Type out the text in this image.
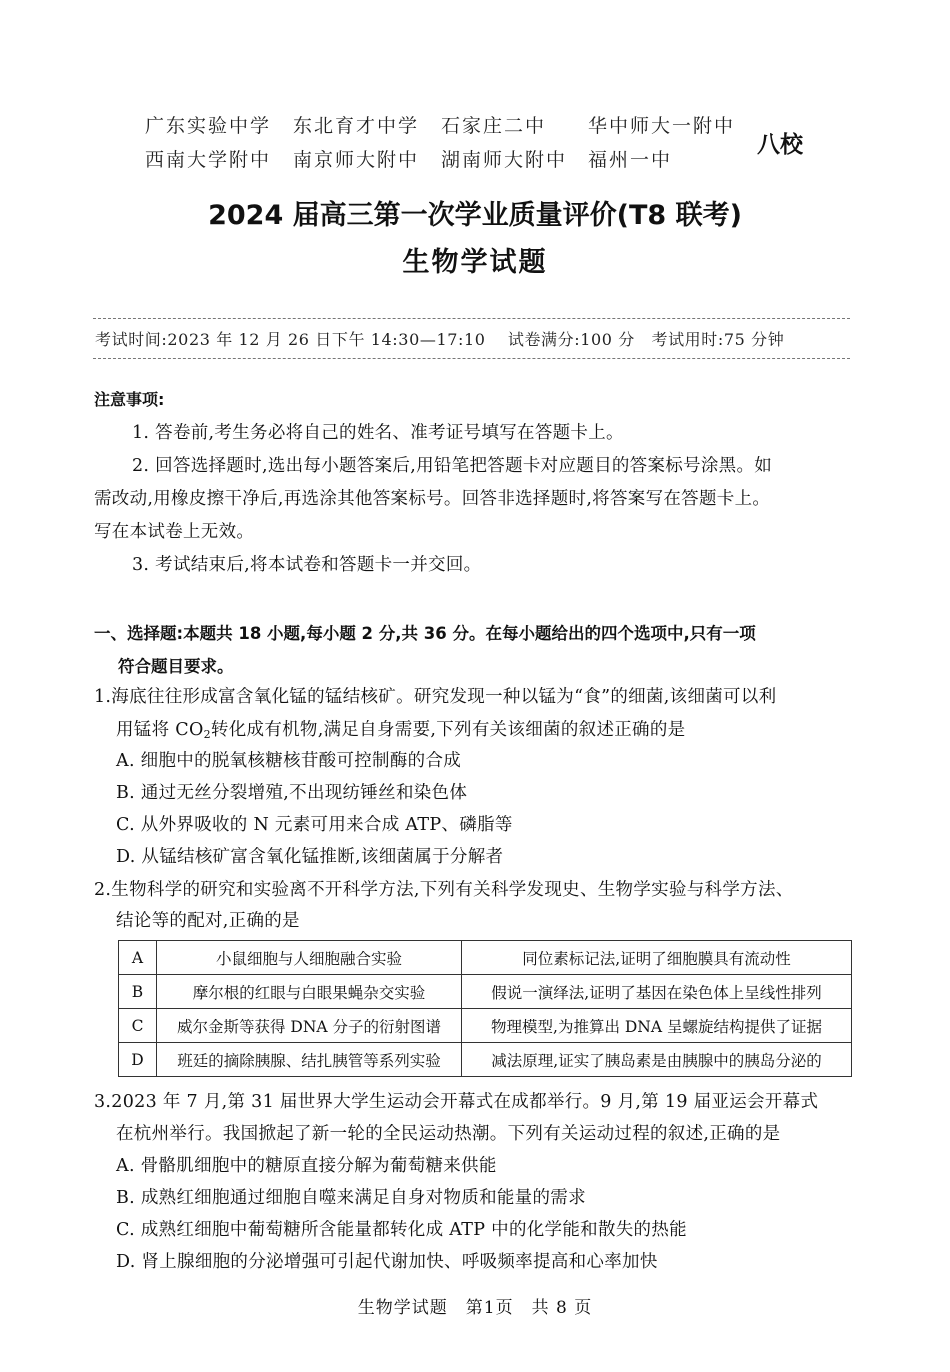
广东实验中学 东北育才中学 石家庄二中 华中师大一附中
西南大学附中 南京师大附中 湖南师大附中 福州一中
八校
2024 届高三第一次学业质量评价(T8 联考)
生物学试题
考试时间:2023 年 12 月 26 日下午 14:30—17:10　 试卷满分:100 分　考试用时:75 分钟
注意事项:
1. 答卷前,考生务必将自己的姓名、准考证号填写在答题卡上。
2. 回答选择题时,选出每小题答案后,用铅笔把答题卡对应题目的答案标号涂黑。如
需改动,用橡皮擦干净后,再选涂其他答案标号。回答非选择题时,将答案写在答题卡上。
写在本试卷上无效。
3. 考试结束后,将本试卷和答题卡一并交回。
一、选择题:本题共 18 小题,每小题 2 分,共 36 分。在每小题给出的四个选项中,只有一项
符合题目要求。
1.海底往往形成富含氧化锰的锰结核矿。研究发现一种以锰为“食”的细菌,该细菌可以利
用锰将 $CO_2$转化成有机物,满足自身需要,下列有关该细菌的叙述正确的是
A. 细胞中的脱氧核糖核苷酸可控制酶的合成
B. 通过无丝分裂增殖,不出现纺锤丝和染色体
C. 从外界吸收的 N 元素可用来合成 ATP、磷脂等
D. 从锰结核矿富含氧化锰推断,该细菌属于分解者
2.生物科学的研究和实验离不开科学方法,下列有关科学发现史、生物学实验与科学方法、
结论等的配对,正确的是
A	小鼠细胞与人细胞融合实验	同位素标记法,证明了细胞膜具有流动性
B	摩尔根的红眼与白眼果蝇杂交实验	假说一演绎法,证明了基因在染色体上呈线性排列
C	威尔金斯等获得 DNA 分子的衍射图谱	物理模型,为推算出 DNA 呈螺旋结构提供了证据
D	班廷的摘除胰腺、结扎胰管等系列实验	减法原理,证实了胰岛素是由胰腺中的胰岛分泌的
3.2023 年 7 月,第 31 届世界大学生运动会开幕式在成都举行。9 月,第 19 届亚运会开幕式
在杭州举行。我国掀起了新一轮的全民运动热潮。下列有关运动过程的叙述,正确的是
A. 骨骼肌细胞中的糖原直接分解为葡萄糖来供能
B. 成熟红细胞通过细胞自噬来满足自身对物质和能量的需求
C. 成熟红细胞中葡萄糖所含能量都转化成 ATP 中的化学能和散失的热能
D. 肾上腺细胞的分泌增强可引起代谢加快、呼吸频率提高和心率加快
生物学试题　第1页　共 8 页
